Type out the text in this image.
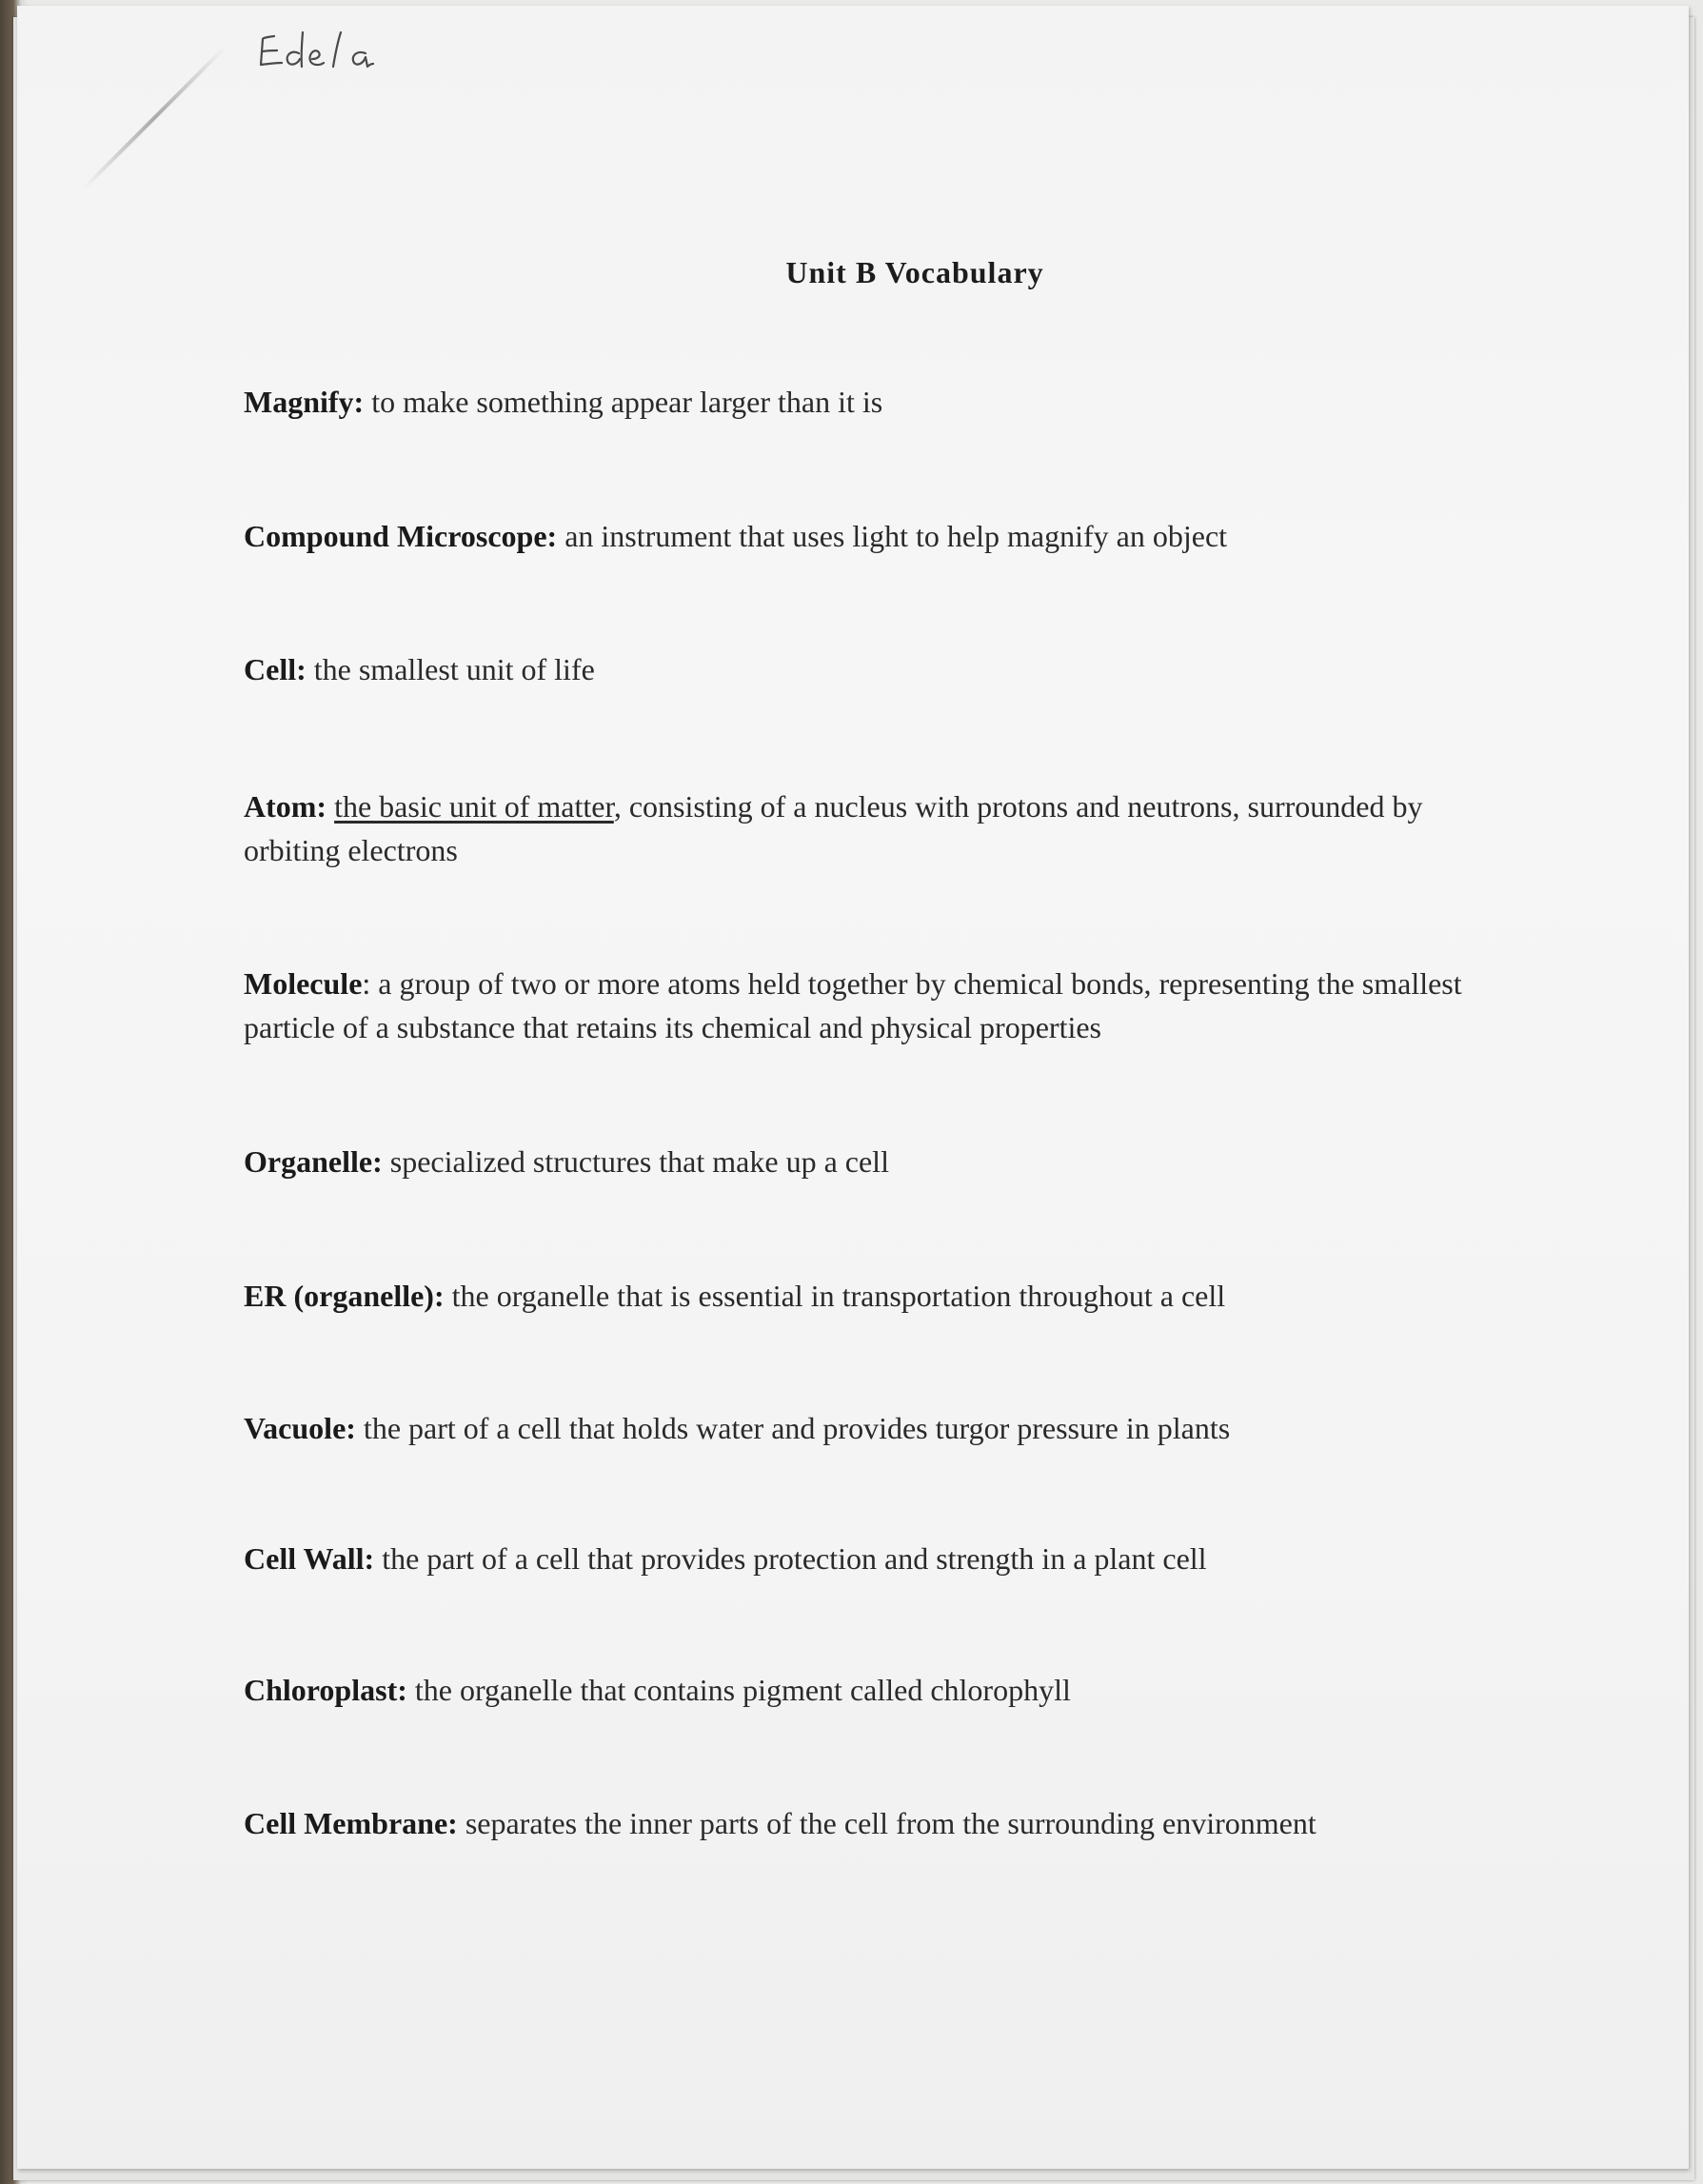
Unit B Vocabulary
Magnify: to make something appear larger than it is
Compound Microscope: an instrument that uses light to help magnify an object
Cell: the smallest unit of life
Atom: the basic unit of matter, consisting of a nucleus with protons and neutrons, surrounded by orbiting electrons
Molecule: a group of two or more atoms held together by chemical bonds, representing the smallest particle of a substance that retains its chemical and physical properties
Organelle: specialized structures that make up a cell
ER (organelle): the organelle that is essential in transportation throughout a cell
Vacuole: the part of a cell that holds water and provides turgor pressure in plants
Cell Wall: the part of a cell that provides protection and strength in a plant cell
Chloroplast: the organelle that contains pigment called chlorophyll
Cell Membrane: separates the inner parts of the cell from the surrounding environment
